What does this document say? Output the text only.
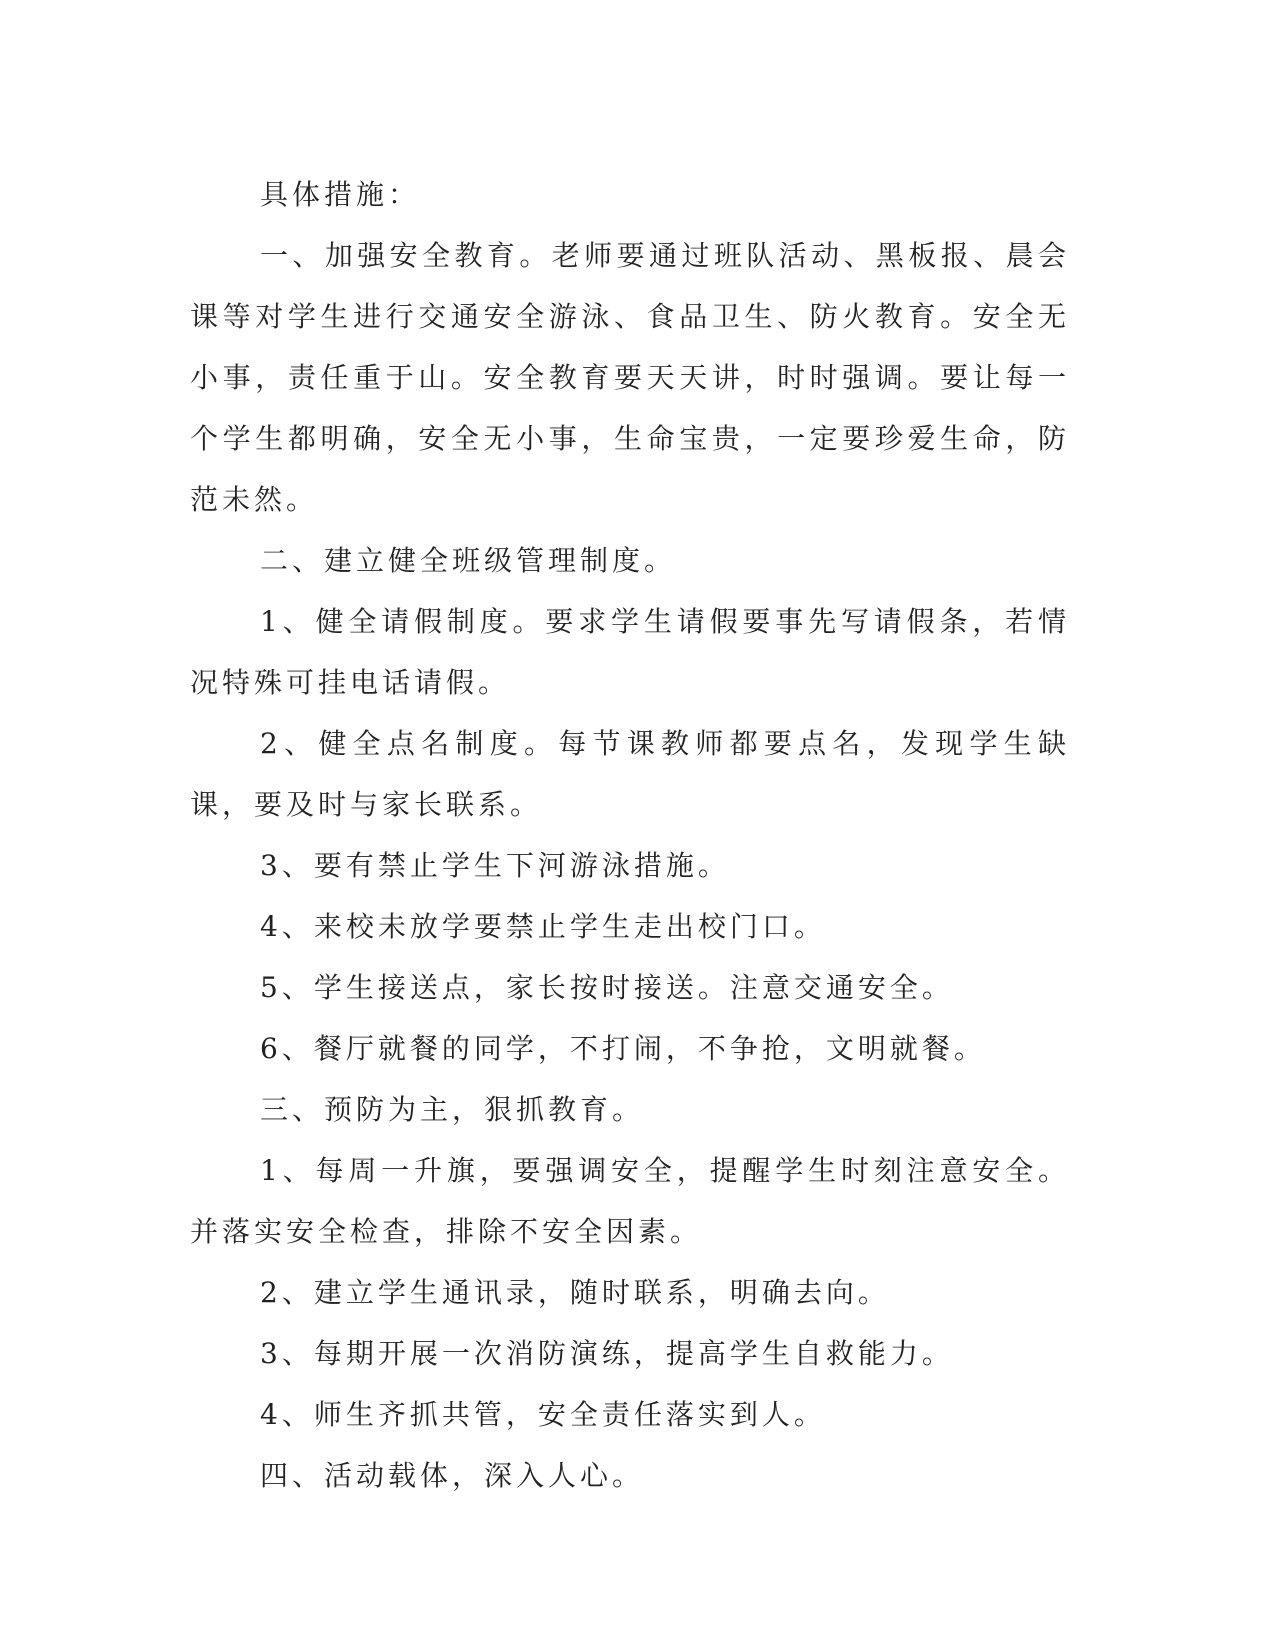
具体措施：

一、加强安全教育。老师要通过班队活动、黑板报、晨会课等对学生进行交通安全游泳、食品卫生、防火教育。安全无小事，责任重于山。安全教育要天天讲，时时强调。要让每一个学生都明确，安全无小事，生命宝贵，一定要珍爱生命，防范未然。

二、建立健全班级管理制度。

1、健全请假制度。要求学生请假要事先写请假条，若情况特殊可挂电话请假。

2、健全点名制度。每节课教师都要点名，发现学生缺课，要及时与家长联系。

3、要有禁止学生下河游泳措施。

4、来校未放学要禁止学生走出校门口。

5、学生接送点，家长按时接送。注意交通安全。

6、餐厅就餐的同学，不打闹，不争抢，文明就餐。

三、预防为主，狠抓教育。

1、每周一升旗，要强调安全，提醒学生时刻注意安全。并落实安全检查，排除不安全因素。

2、建立学生通讯录，随时联系，明确去向。

3、每期开展一次消防演练，提高学生自救能力。

4、师生齐抓共管，安全责任落实到人。

四、活动载体，深入人心。
